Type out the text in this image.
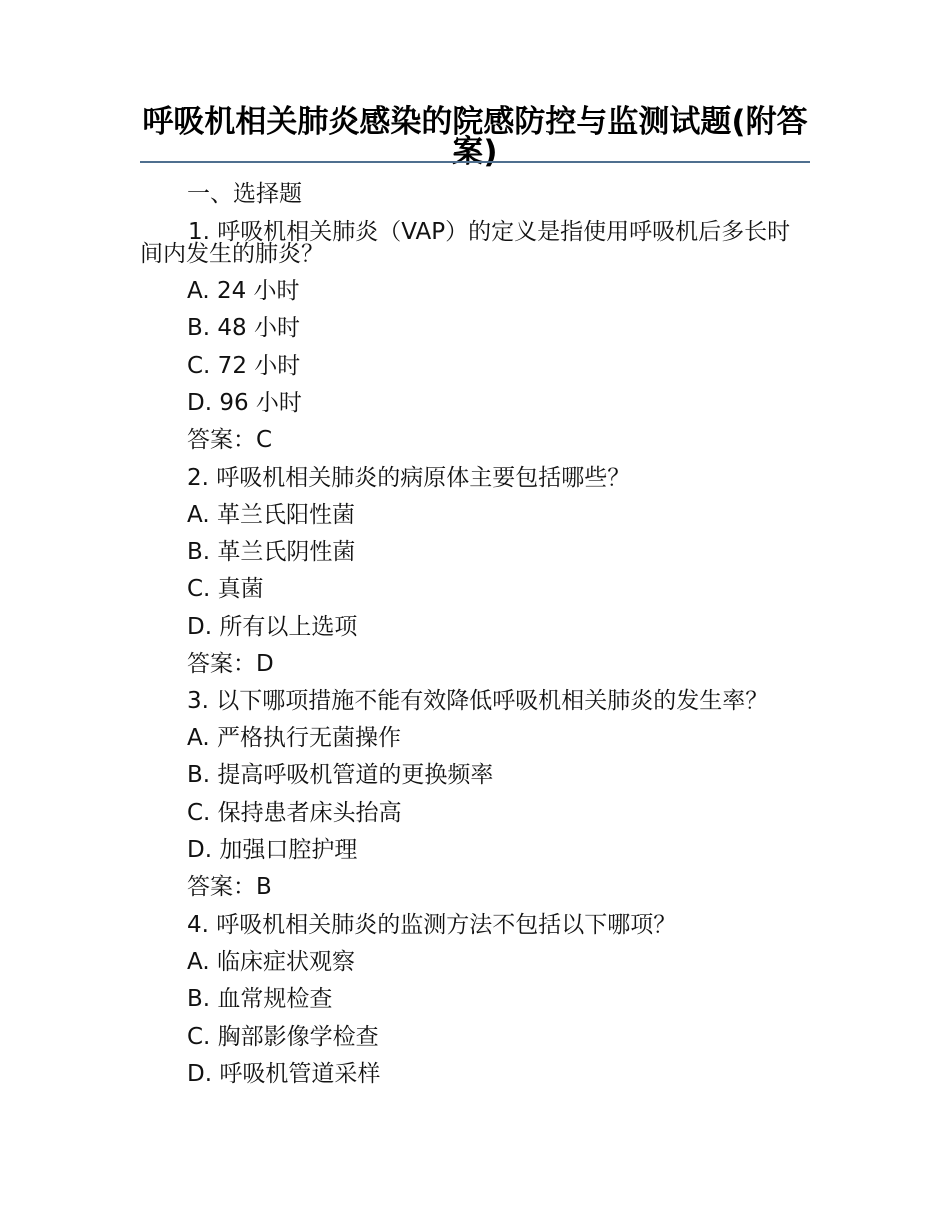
呼吸机相关肺炎感染的院感防控与监测试题(附答案)
一、选择题
1. 呼吸机相关肺炎（VAP）的定义是指使用呼吸机后多长时间内发生的肺炎？
A. 24 小时
B. 48 小时
C. 72 小时
D. 96 小时
答案：C
2. 呼吸机相关肺炎的病原体主要包括哪些？
A. 革兰氏阳性菌
B. 革兰氏阴性菌
C. 真菌
D. 所有以上选项
答案：D
3. 以下哪项措施不能有效降低呼吸机相关肺炎的发生率？
A. 严格执行无菌操作
B. 提高呼吸机管道的更换频率
C. 保持患者床头抬高
D. 加强口腔护理
答案：B
4. 呼吸机相关肺炎的监测方法不包括以下哪项？
A. 临床症状观察
B. 血常规检查
C. 胸部影像学检查
D. 呼吸机管道采样
